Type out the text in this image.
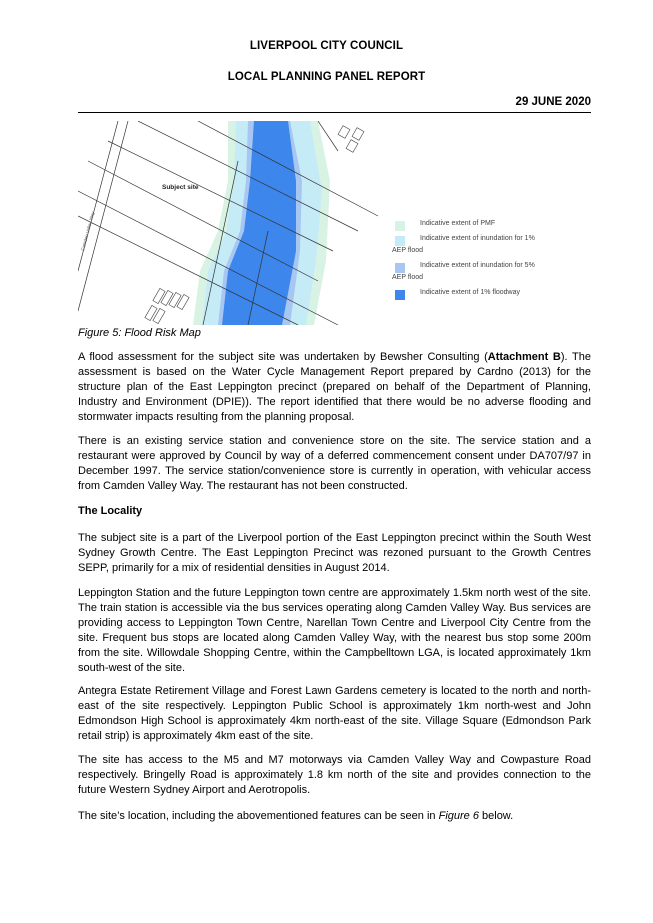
LIVERPOOL CITY COUNCIL
LOCAL PLANNING PANEL REPORT
29 JUNE 2020
Subject site
Camden Valley Way	Indicative extent of PMF
Indicative extent of inundation for 1%
AEP flood
Indicative extent of inundation for 5%
AEP flood
Indicative extent of 1% floodway
Figure 5: Flood Risk Map
A flood assessment for the subject site was undertaken by Bewsher Consulting (Attachment B). The assessment is based on the Water Cycle Management Report prepared by Cardno (2013) for the structure plan of the East Leppington precinct (prepared on behalf of the Department of Planning, Industry and Environment (DPIE)). The report identified that there would be no adverse flooding and stormwater impacts resulting from the planning proposal.
There is an existing service station and convenience store on the site. The service station and a restaurant were approved by Council by way of a deferred commencement consent under DA707/97 in December 1997. The service station/convenience store is currently in operation, with vehicular access from Camden Valley Way. The restaurant has not been constructed.
The Locality
The subject site is a part of the Liverpool portion of the East Leppington precinct within the South West Sydney Growth Centre. The East Leppington Precinct was rezoned pursuant to the Growth Centres SEPP, primarily for a mix of residential densities in August 2014.
Leppington Station and the future Leppington town centre are approximately 1.5km north west of the site. The train station is accessible via the bus services operating along Camden Valley Way. Bus services are providing access to Leppington Town Centre, Narellan Town Centre and Liverpool City Centre from the site. Frequent bus stops are located along Camden Valley Way, with the nearest bus stop some 200m from the site. Willowdale Shopping Centre, within the Campbelltown LGA, is located approximately 1km south-west of the site.
Antegra Estate Retirement Village and Forest Lawn Gardens cemetery is located to the north and north-east of the site respectively. Leppington Public School is approximately 1km north-west and John Edmondson High School is approximately 4km north-east of the site. Village Square (Edmondson Park retail strip) is approximately 4km east of the site.
The site has access to the M5 and M7 motorways via Camden Valley Way and Cowpasture Road respectively. Bringelly Road is approximately 1.8 km north of the site and provides connection to the future Western Sydney Airport and Aerotropolis.
The site’s location, including the abovementioned features can be seen in Figure 6 below.
